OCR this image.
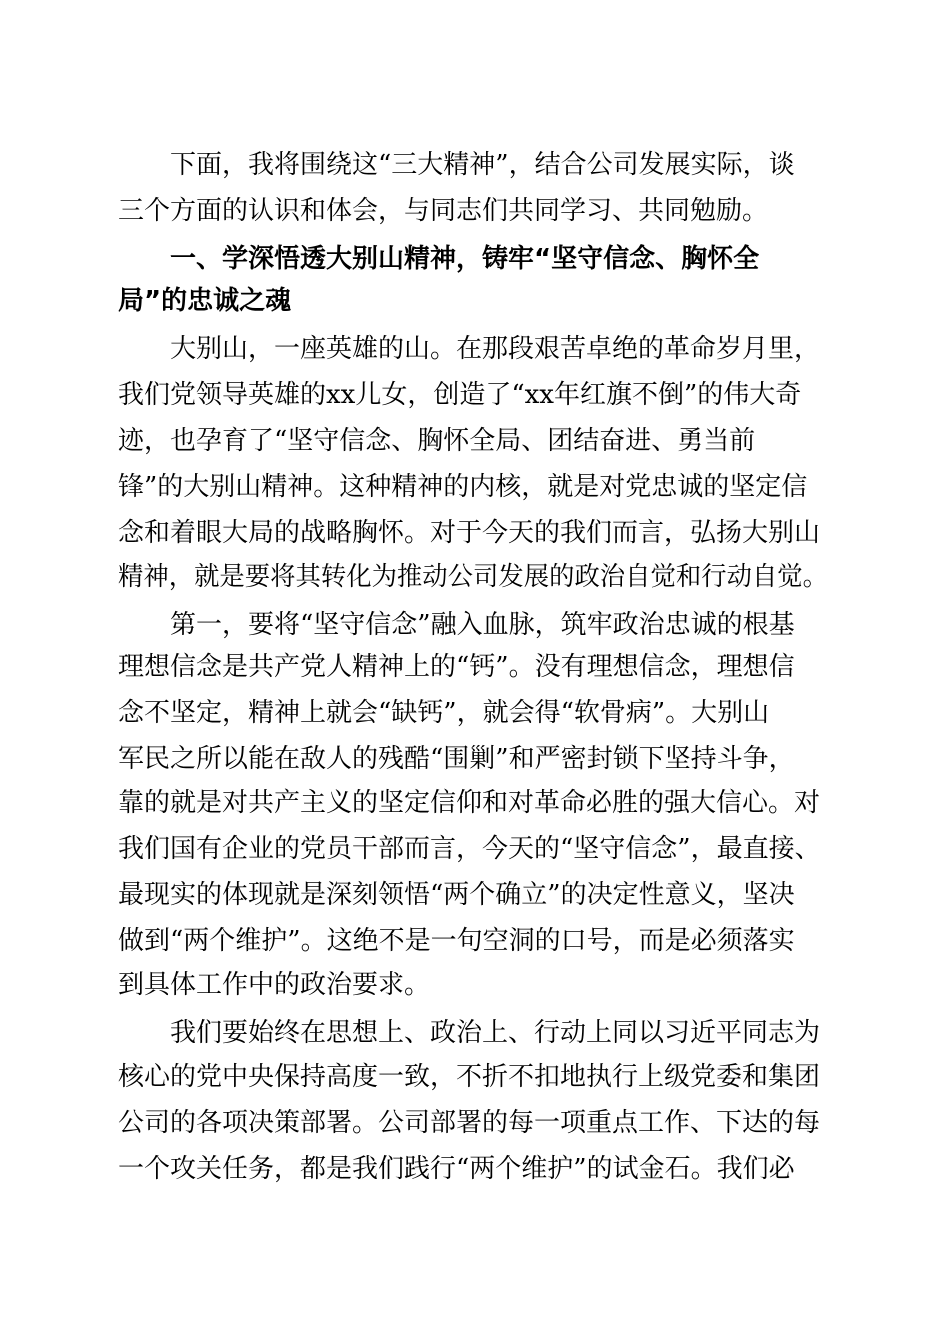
下面，我将围绕这“三大精神”，结合公司发展实际，谈
三个方面的认识和体会，与同志们共同学习、共同勉励。
一、学深悟透大别山精神，铸牢“坚守信念、胸怀全
局”的忠诚之魂
大别山，一座英雄的山。在那段艰苦卓绝的革命岁月里，
我们党领导英雄的xx儿女，创造了“xx年红旗不倒”的伟大奇
迹，也孕育了“坚守信念、胸怀全局、团结奋进、勇当前
锋”的大别山精神。这种精神的内核，就是对党忠诚的坚定信
念和着眼大局的战略胸怀。对于今天的我们而言，弘扬大别山
精神，就是要将其转化为推动公司发展的政治自觉和行动自觉。
第一，要将“坚守信念”融入血脉，筑牢政治忠诚的根基
理想信念是共产党人精神上的“钙”。没有理想信念，理想信
念不坚定，精神上就会“缺钙”，就会得“软骨病”。大别山
军民之所以能在敌人的残酷“围剿”和严密封锁下坚持斗争，
靠的就是对共产主义的坚定信仰和对革命必胜的强大信心。对
我们国有企业的党员干部而言，今天的“坚守信念”，最直接、
最现实的体现就是深刻领悟“两个确立”的决定性意义，坚决
做到“两个维护”。这绝不是一句空洞的口号，而是必须落实
到具体工作中的政治要求。
我们要始终在思想上、政治上、行动上同以习近平同志为
核心的党中央保持高度一致，不折不扣地执行上级党委和集团
公司的各项决策部署。公司部署的每一项重点工作、下达的每
一个攻关任务，都是我们践行“两个维护”的试金石。我们必
